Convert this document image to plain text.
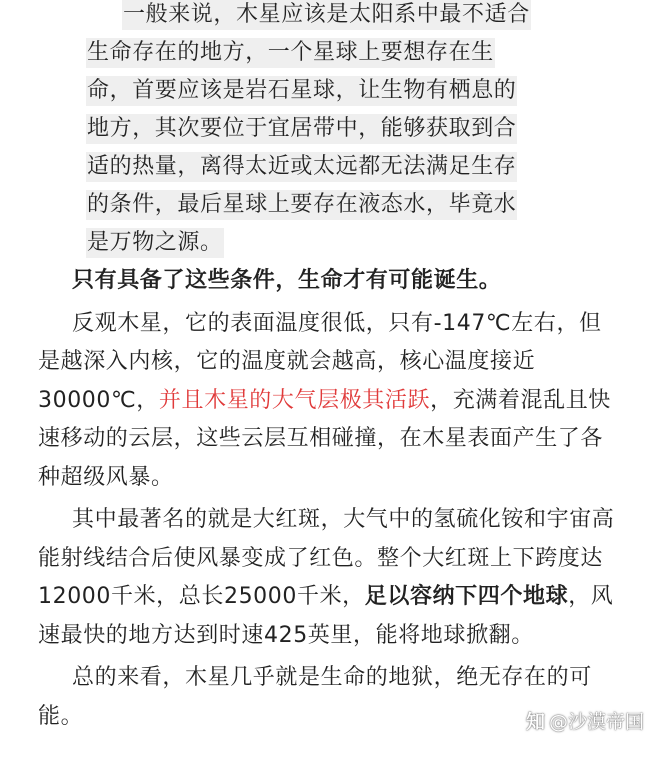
一般来说，木星应该是太阳系中最不适合
生命存在的地方，一个星球上要想存在生
命，首要应该是岩石星球，让生物有栖息的
地方，其次要位于宜居带中，能够获取到合
适的热量，离得太近或太远都无法满足生存
的条件，最后星球上要存在液态水，毕竟水
是万物之源。

只有具备了这些条件，生命才有可能诞生。

反观木星，它的表面温度很低，只有-147℃左右，但是越深入内核，它的温度就会越高，核心温度接近30000℃，并且木星的大气层极其活跃，充满着混乱且快速移动的云层，这些云层互相碰撞，在木星表面产生了各种超级风暴。

其中最著名的就是大红斑，大气中的氢硫化铵和宇宙高能射线结合后使风暴变成了红色。整个大红斑上下跨度达12000千米，总长25000千米，足以容纳下四个地球，风速最快的地方达到时速425英里，能将地球掀翻。

总的来看，木星几乎就是生命的地狱，绝无存在的可能。	知 @沙漠帝国
